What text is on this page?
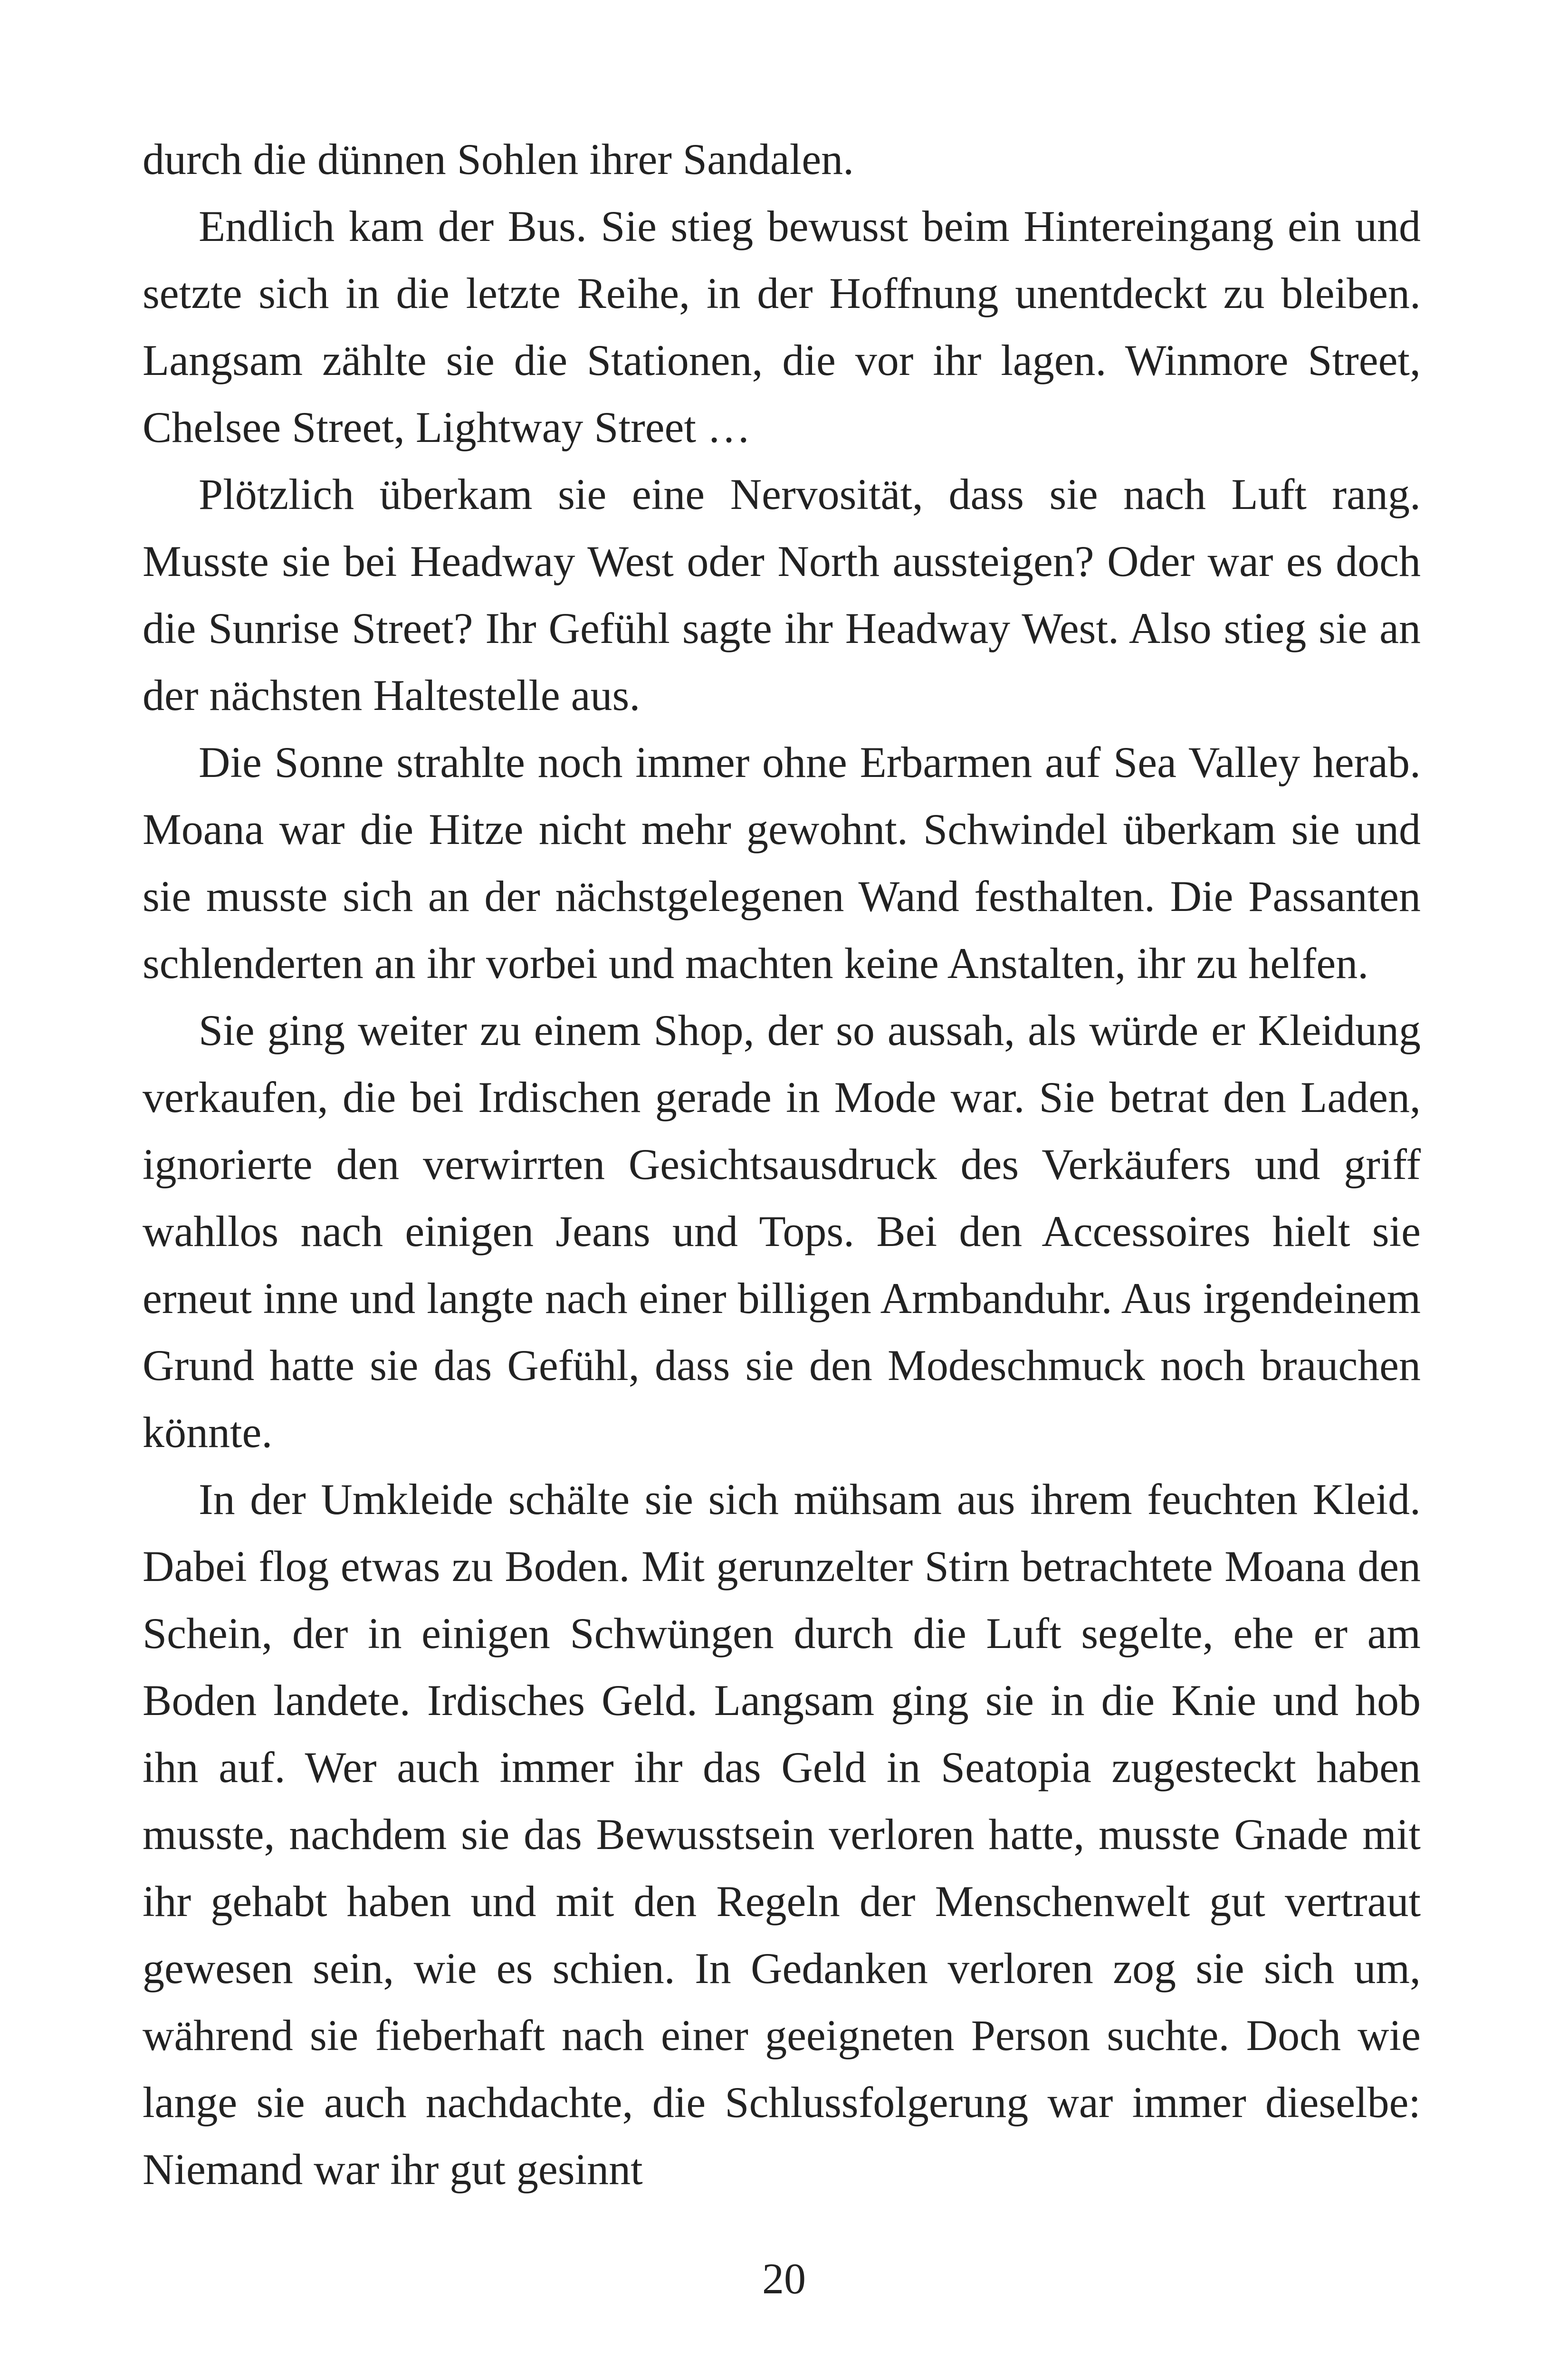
durch die dünnen Sohlen ihrer Sandalen.

Endlich kam der Bus. Sie stieg bewusst beim Hintereingang ein und setzte sich in die letzte Reihe, in der Hoffnung unentdeckt zu bleiben. Langsam zählte sie die Stationen, die vor ihr lagen. Winmore Street, Chelsee Street, Lightway Street …

Plötzlich überkam sie eine Nervosität, dass sie nach Luft rang. Musste sie bei Headway West oder North aussteigen? Oder war es doch die Sunrise Street? Ihr Gefühl sagte ihr Headway West. Also stieg sie an der nächsten Haltestelle aus.

Die Sonne strahlte noch immer ohne Erbarmen auf Sea Valley herab. Moana war die Hitze nicht mehr gewohnt. Schwindel überkam sie und sie musste sich an der nächstgelegenen Wand festhalten. Die Passanten schlenderten an ihr vorbei und machten keine Anstalten, ihr zu helfen.

Sie ging weiter zu einem Shop, der so aussah, als würde er Kleidung verkaufen, die bei Irdischen gerade in Mode war. Sie betrat den Laden, ignorierte den verwirrten Gesichtsausdruck des Verkäufers und griff wahllos nach einigen Jeans und Tops. Bei den Accessoires hielt sie erneut inne und langte nach einer billigen Armbanduhr. Aus irgendeinem Grund hatte sie das Gefühl, dass sie den Modeschmuck noch brauchen könnte.

In der Umkleide schälte sie sich mühsam aus ihrem feuchten Kleid. Dabei flog etwas zu Boden. Mit gerunzelter Stirn betrachtete Moana den Schein, der in einigen Schwüngen durch die Luft segelte, ehe er am Boden landete. Irdisches Geld. Langsam ging sie in die Knie und hob ihn auf. Wer auch immer ihr das Geld in Seatopia zugesteckt haben musste, nachdem sie das Bewusstsein verloren hatte, musste Gnade mit ihr gehabt haben und mit den Regeln der Menschenwelt gut vertraut gewesen sein, wie es schien. In Gedanken verloren zog sie sich um, während sie fieberhaft nach einer geeigneten Person suchte. Doch wie lange sie auch nachdachte, die Schlussfolgerung war immer dieselbe: Niemand war ihr gut gesinnt

20
